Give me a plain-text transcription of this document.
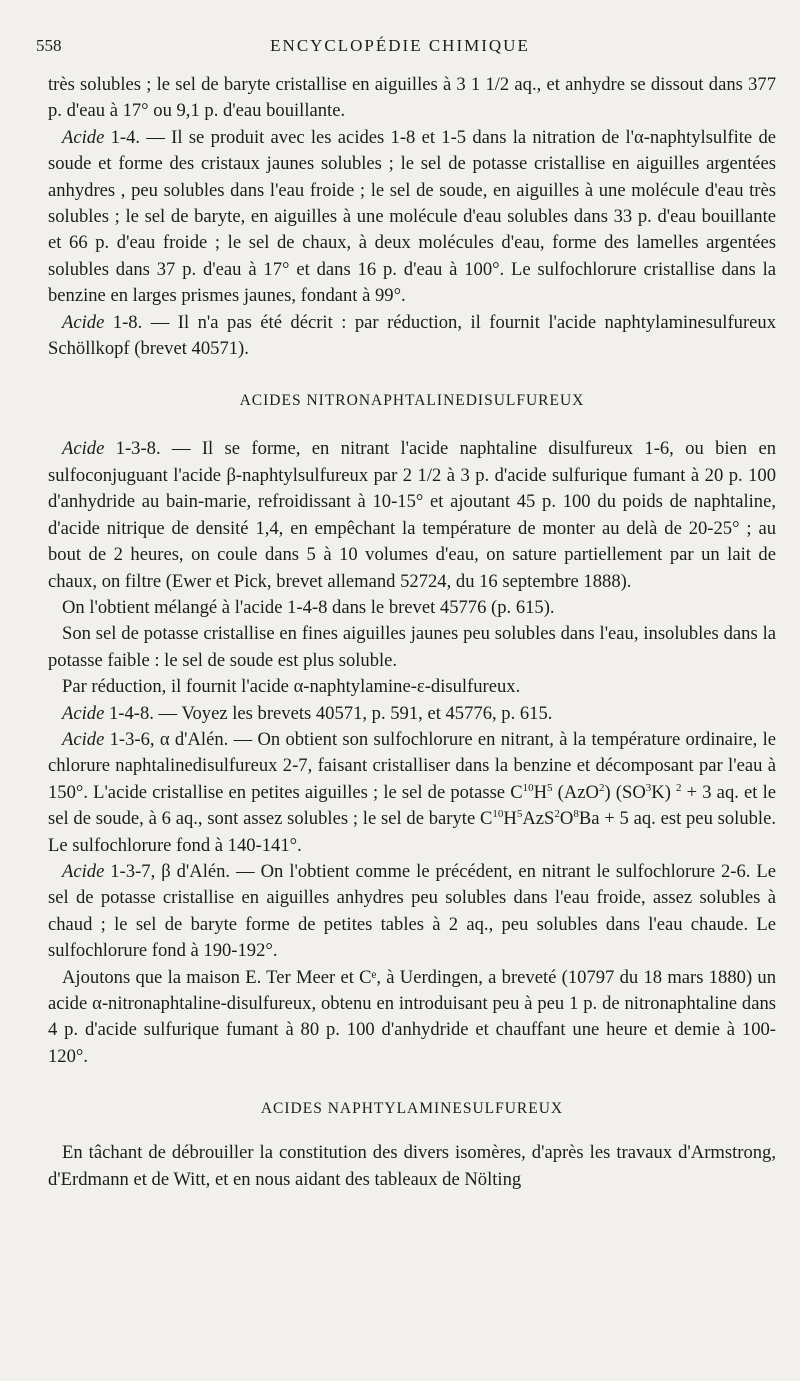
558	ENCYCLOPÉDIE CHIMIQUE

très solubles ; le sel de baryte cristallise en aiguilles à 3 1 1/2 aq., et anhydre se dissout dans 377 p. d'eau à 17° ou 9,1 p. d'eau bouillante.

Acide 1-4. — Il se produit avec les acides 1-8 et 1-5 dans la nitration de l'α-naphtylsulfite de soude et forme des cristaux jaunes solubles ; le sel de potasse cristallise en aiguilles argentées anhydres , peu solubles dans l'eau froide ; le sel de soude, en aiguilles à une molécule d'eau très solubles ; le sel de baryte, en aiguilles à une molécule d'eau solubles dans 33 p. d'eau bouillante et 66 p. d'eau froide ; le sel de chaux, à deux molécules d'eau, forme des lamelles argentées solubles dans 37 p. d'eau à 17° et dans 16 p. d'eau à 100°. Le sulfochlorure cristallise dans la benzine en larges prismes jaunes, fondant à 99°.

Acide 1-8. — Il n'a pas été décrit : par réduction, il fournit l'acide naphtylaminesulfureux Schöllkopf (brevet 40571).

ACIDES NITRONAPHTALINEDISULFUREUX

Acide 1-3-8. — Il se forme, en nitrant l'acide naphtaline disulfureux 1-6, ou bien en sulfoconjuguant l'acide β-naphtylsulfureux par 2 1/2 à 3 p. d'acide sulfurique fumant à 20 p. 100 d'anhydride au bain-marie, refroidissant à 10-15° et ajoutant 45 p. 100 du poids de naphtaline, d'acide nitrique de densité 1,4, en empêchant la température de monter au delà de 20-25° ; au bout de 2 heures, on coule dans 5 à 10 volumes d'eau, on sature partiellement par un lait de chaux, on filtre (Ewer et Pick, brevet allemand 52724, du 16 septembre 1888).

On l'obtient mélangé à l'acide 1-4-8 dans le brevet 45776 (p. 615).

Son sel de potasse cristallise en fines aiguilles jaunes peu solubles dans l'eau, insolubles dans la potasse faible : le sel de soude est plus soluble.

Par réduction, il fournit l'acide α-naphtylamine-ε-disulfureux.

Acide 1-4-8. — Voyez les brevets 40571, p. 591, et 45776, p. 615.

Acide 1-3-6, α d'Alén. — On obtient son sulfochlorure en nitrant, à la température ordinaire, le chlorure naphtalinedisulfureux 2-7, faisant cristalliser dans la benzine et décomposant par l'eau à 150°. L'acide cristallise en petites aiguilles ; le sel de potasse $C^{10}H^5$ (AzO$^2$) $(SO^3K) ^2 + 3$ aq. et le sel de soude, à 6 aq., sont assez solubles ; le sel de baryte $C^{10}H^5AzS^2O^8Ba + 5$ aq. est peu soluble. Le sulfochlorure fond à 140-141°.

Acide 1-3-7, β d'Alén. — On l'obtient comme le précédent, en nitrant le sulfochlorure 2-6. Le sel de potasse cristallise en aiguilles anhydres peu solubles dans l'eau froide, assez solubles à chaud ; le sel de baryte forme de petites tables à 2 aq., peu solubles dans l'eau chaude. Le sulfochlorure fond à 190-192°.

Ajoutons que la maison E. Ter Meer et Cᵉ, à Uerdingen, a breveté (10797 du 18 mars 1880) un acide α-nitronaphtaline-disulfureux, obtenu en introduisant peu à peu 1 p. de nitronaphtaline dans 4 p. d'acide sulfurique fumant à 80 p. 100 d'anhydride et chauffant une heure et demie à 100-120°.

ACIDES NAPHTYLAMINESULFUREUX

En tâchant de débrouiller la constitution des divers isomères, d'après les travaux d'Armstrong, d'Erdmann et de Witt, et en nous aidant des tableaux de Nölting
